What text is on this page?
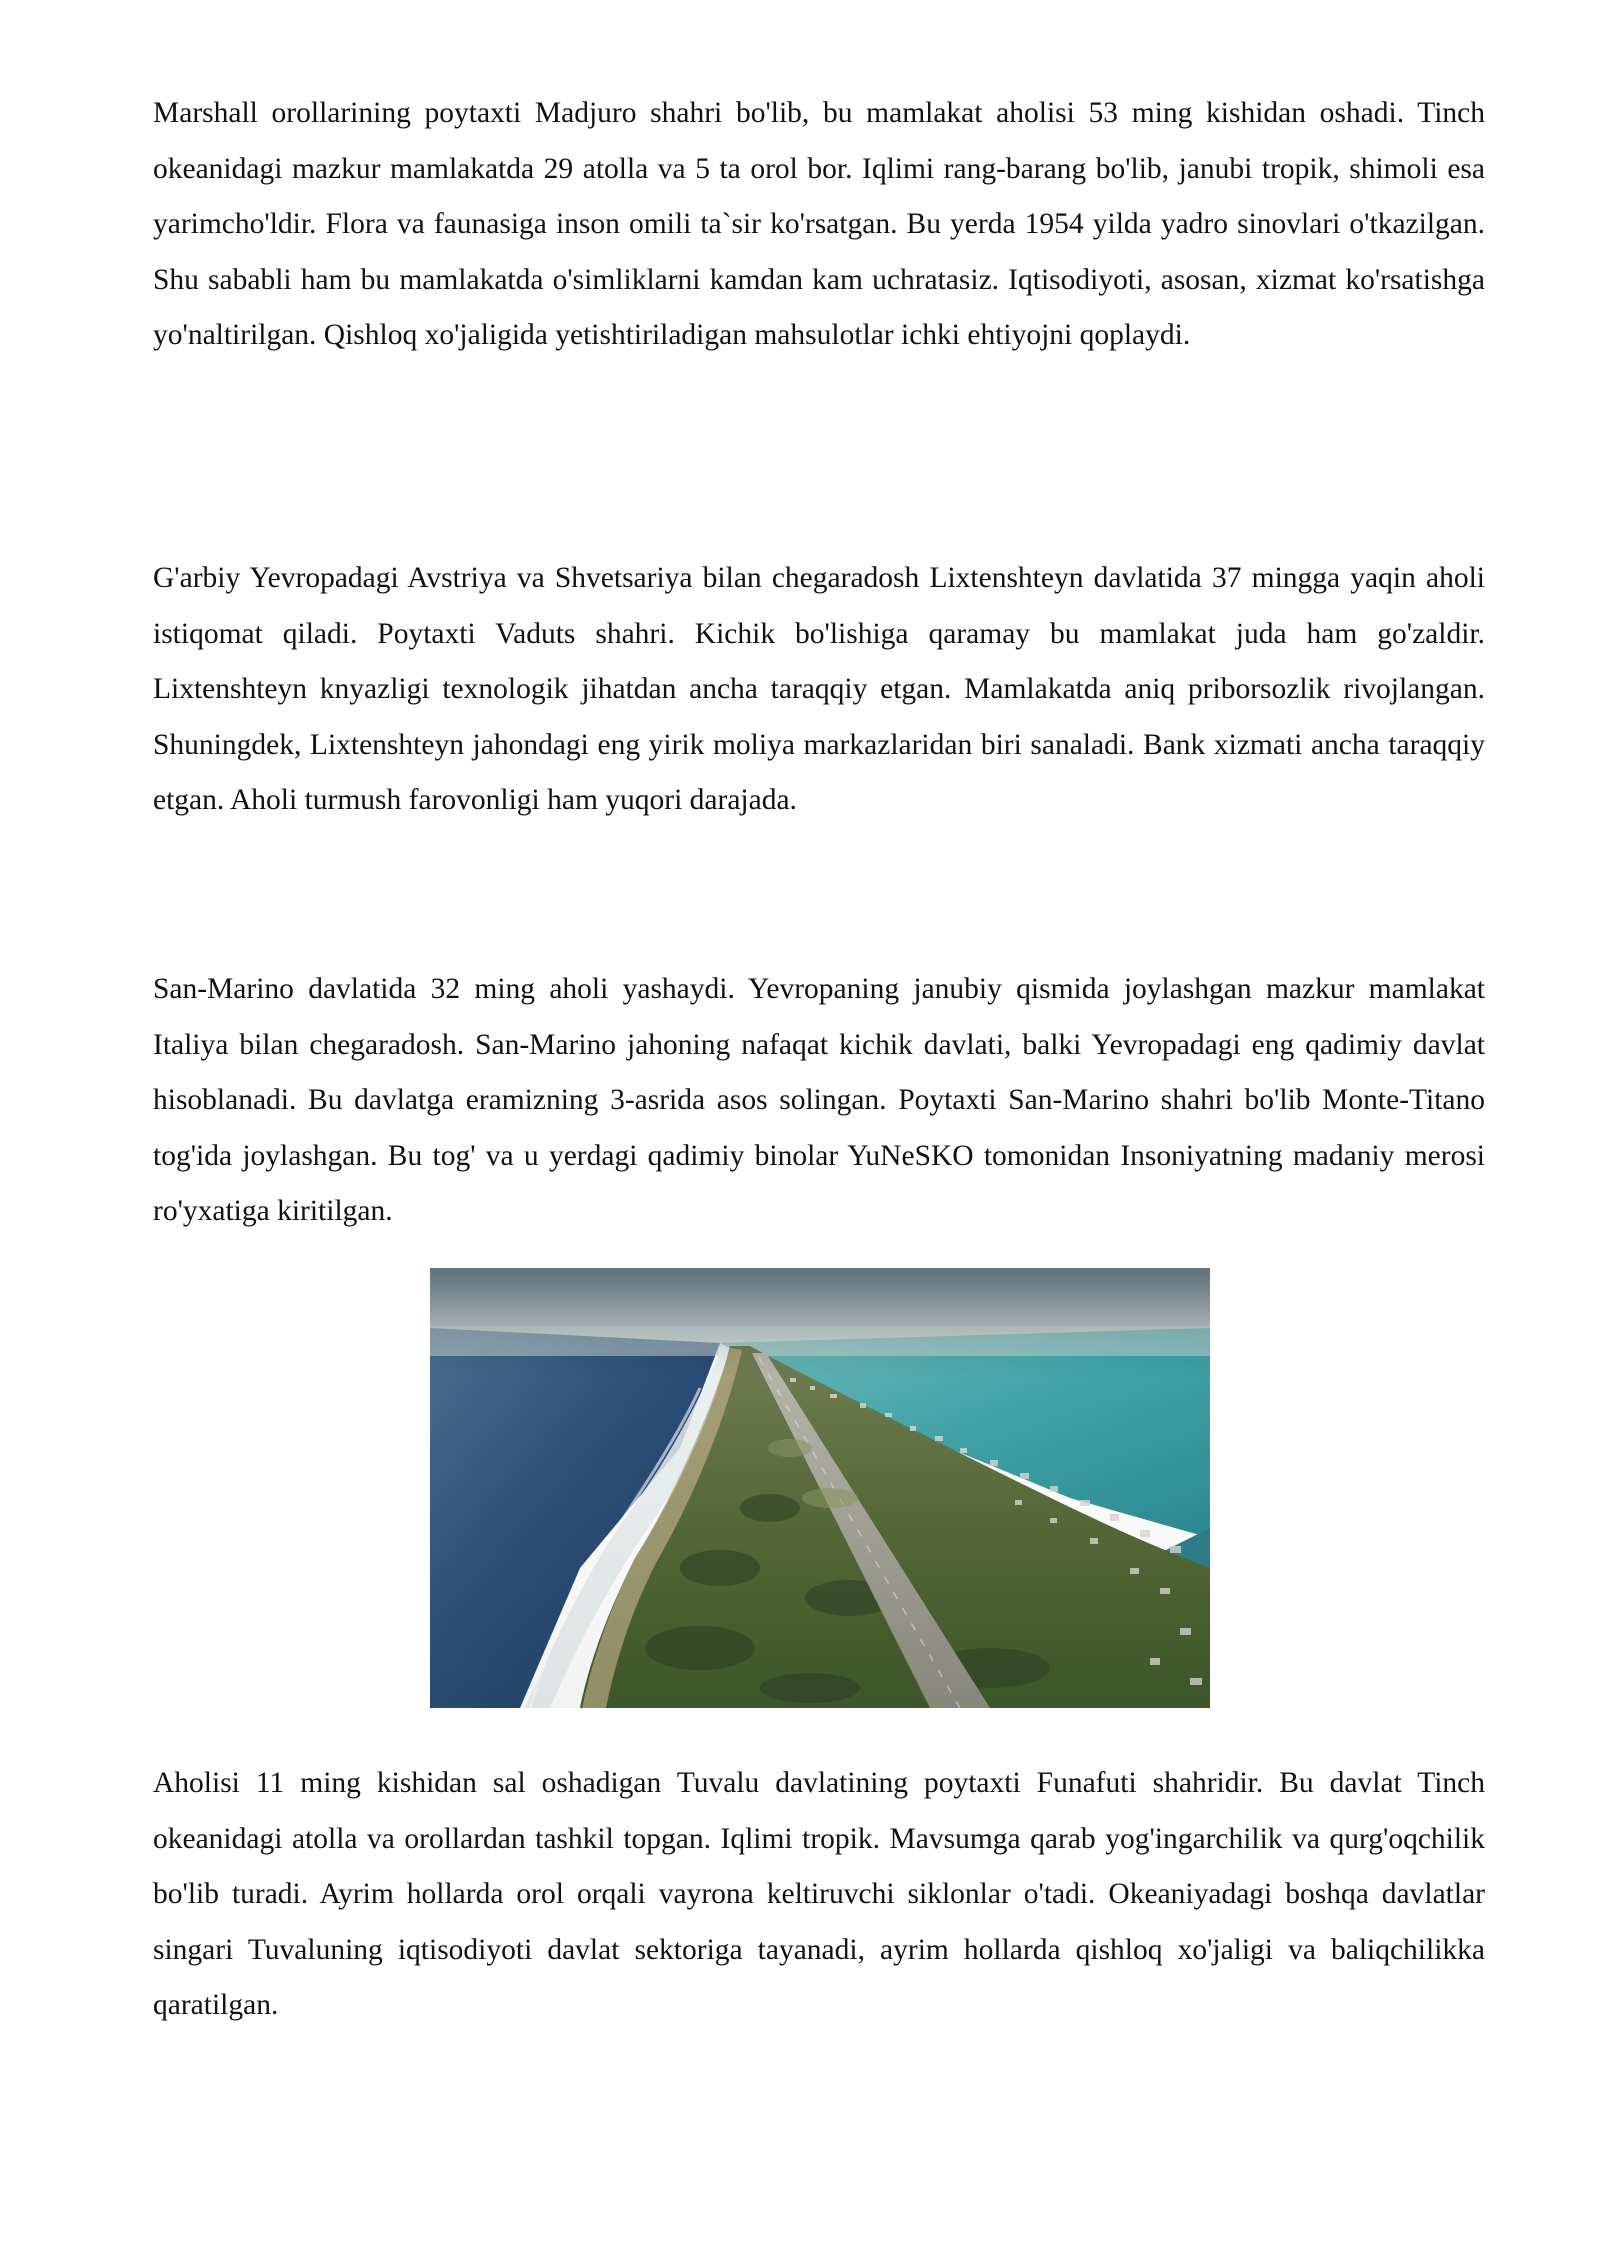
Marshall orollarining poytaxti Madjuro shahri bo'lib, bu mamlakat aholisi 53 ming kishidan oshadi. Tinch okeanidagi mazkur mamlakatda 29 atolla va 5 ta orol bor. Iqlimi rang-barang bo'lib, janubi tropik, shimoli esa yarimcho'ldir. Flora va faunasiga inson omili ta`sir ko'rsatgan. Bu yerda 1954 yilda yadro sinovlari o'tkazilgan. Shu sababli ham bu mamlakatda o'simliklarni kamdan kam uchratasiz. Iqtisodiyoti, asosan, xizmat ko'rsatishga yo'naltirilgan. Qishloq xo'jaligida yetishtiriladigan mahsulotlar ichki ehtiyojni qoplaydi.

G'arbiy Yevropadagi Avstriya va Shvetsariya bilan chegaradosh Lixtenshteyn davlatida 37 mingga yaqin aholi istiqomat qiladi. Poytaxti Vaduts shahri. Kichik bo'lishiga qaramay bu mamlakat juda ham go'zaldir. Lixtenshteyn knyazligi texnologik jihatdan ancha taraqqiy etgan. Mamlakatda aniq priborsozlik rivojlangan. Shuningdek, Lixtenshteyn jahondagi eng yirik moliya markazlaridan biri sanaladi. Bank xizmati ancha taraqqiy etgan. Aholi turmush farovonligi ham yuqori darajada.

San-Marino davlatida 32 ming aholi yashaydi. Yevropaning janubiy qismida joylashgan mazkur mamlakat Italiya bilan chegaradosh. San-Marino jahoning nafaqat kichik davlati, balki Yevropadagi eng qadimiy davlat hisoblanadi. Bu davlatga eramizning 3-asrida asos solingan. Poytaxti San-Marino shahri bo'lib Monte-Titano tog'ida joylashgan. Bu tog' va u yerdagi qadimiy binolar YuNeSKO tomonidan Insoniyatning madaniy merosi ro'yxatiga kiritilgan.

Aholisi 11 ming kishidan sal oshadigan Tuvalu davlatining poytaxti Funafuti shahridir. Bu davlat Tinch okeanidagi atolla va orollardan tashkil topgan. Iqlimi tropik. Mavsumga qarab yog'ingarchilik va qurg'oqchilik bo'lib turadi. Ayrim hollarda orol orqali vayrona keltiruvchi siklonlar o'tadi. Okeaniyadagi boshqa davlatlar singari Tuvaluning iqtisodiyoti davlat sektoriga tayanadi, ayrim hollarda qishloq xo'jaligi va baliqchilikka qaratilgan.
